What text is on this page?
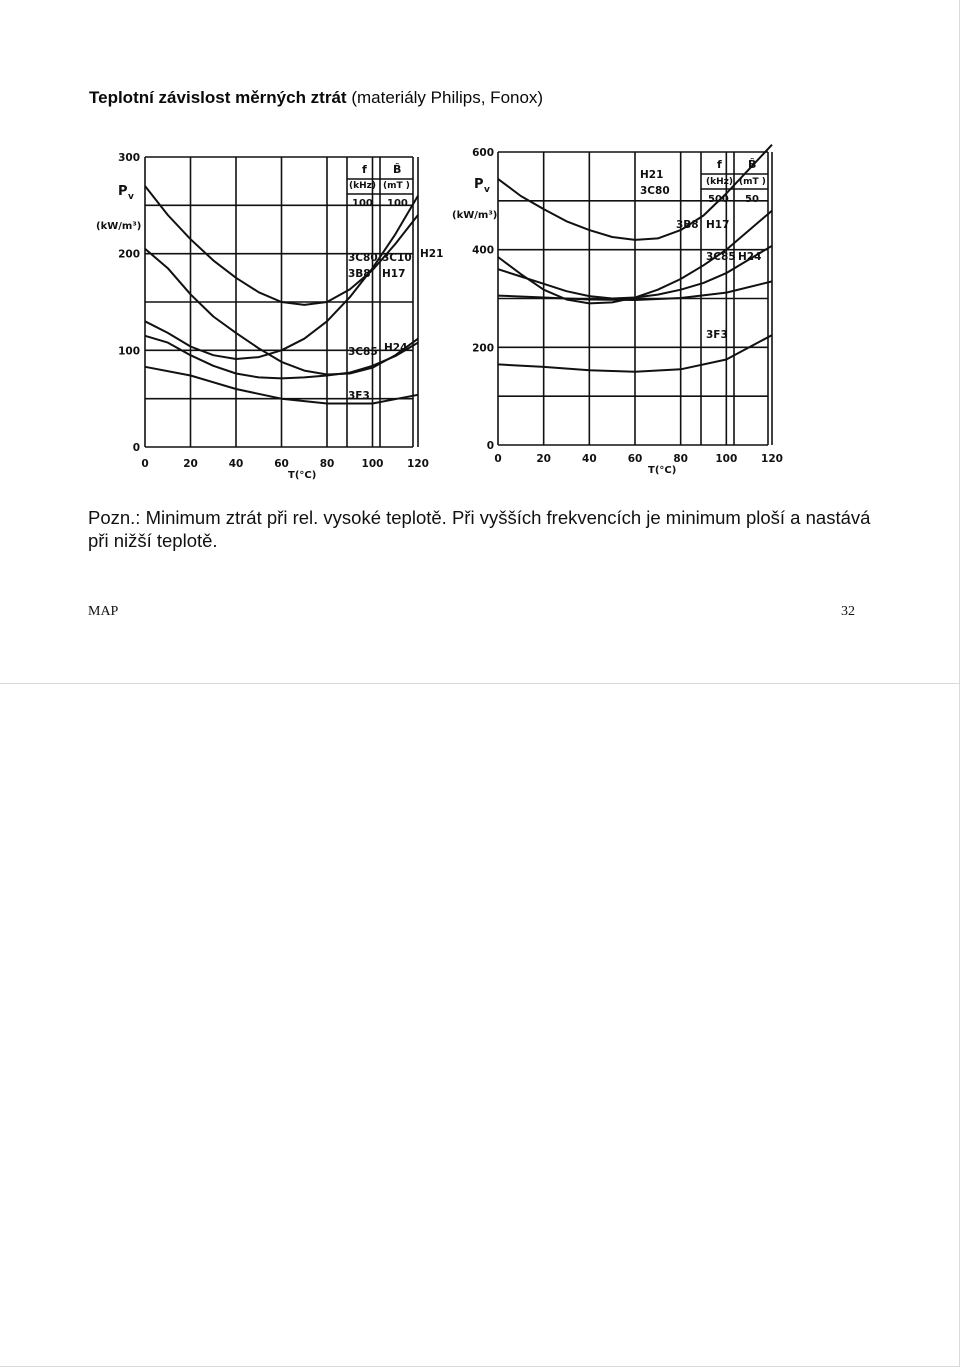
Teplotní závislost měrných ztrát (materiály Philips, Fonox)
P v
(kW/m³)
T(°C)
f B̂
(kHz) (mT )
100 100
300
200
100
0
0	20	40	60	80	100 120
3C80
3B8
3C10
H17
H21
3C85 H24
3F3
P v
(kW/m³)
T(°C)
f B̂
(kHz) (mT )
500 50
600
400
200
0
0	20	40	60	80	100 120
H21
3C80
3B8 H17
3C85 H24
3F3
Pozn.: Minimum ztrát při rel. vysoké teplotě. Při vyšších frekvencích je minimum ploší a nastává při nižší teplotě.
MAP	32
